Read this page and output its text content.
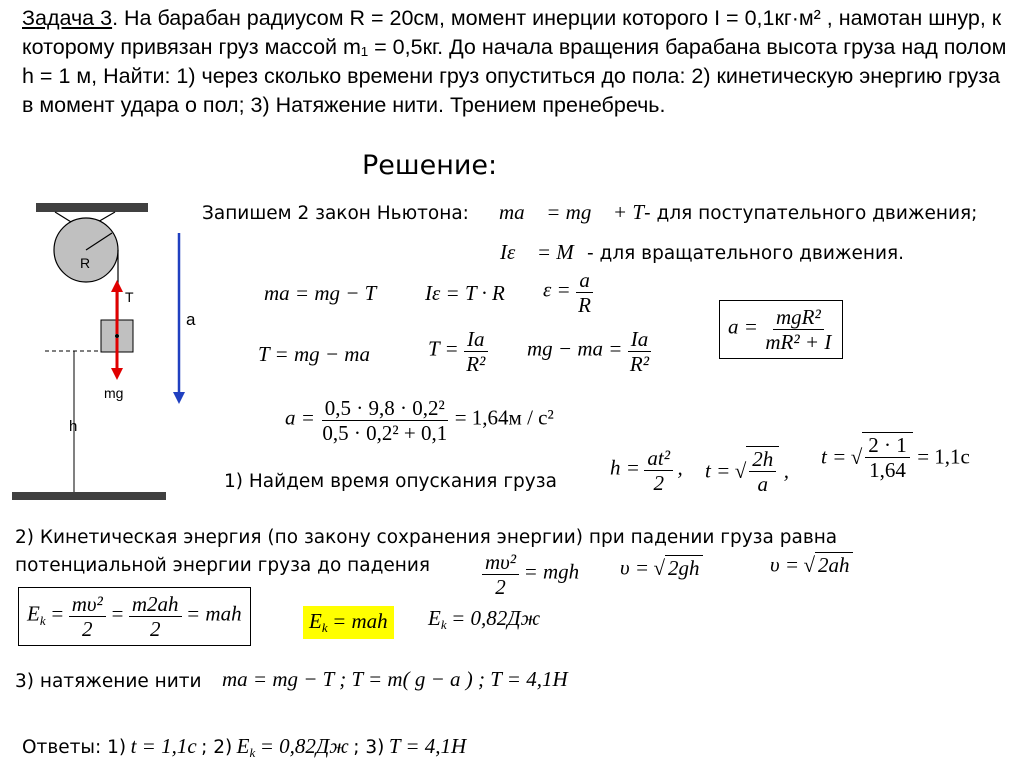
Задача 3. На барабан радиусом R = 20см, момент инерции которого I = 0,1кг·м² , намотан шнур, к которому привязан груз массой m₁ = 0,5кг. До начала вращения барабана высота груза над полом h = 1 м, Найти: 1) через сколько времени груз опуститься до пола: 2) кинетическую энергию груза в момент удара о пол; 3) Натяжение нити. Трением пренебречь.
Решение:
R
T
mg
a
h
Запишем 2 закон Ньютона: ma⃗ = mg⃗ + T⃗
- для поступательного движения;
Iε⃗ = M⃗
- для вращательного движения.
ma = mg − T Iε = T · R $\varepsilon = \frac{a}{R}$
$a = \frac{\text{mgR²}}{\text{mR² + I}}$
T = mg − ma	$T = \frac{Ia}{\text{R²}}$ mg − ma = $\frac{Ia}{\text{R²}}$
$a = \frac{\text{0,5 · 9,8 · 0,2²}}{\text{0,5 · 0,2² + 0,1}} = 1,64м / с^2$
1) Найдем время опускания груза
$h = \frac{\text{at²}}{2}$ , t = √ $\frac{2h}{a}$ ,
t = √ $\frac{2 \cdot 1}{1,64} = 1,1с$
2) Кинетическая энергия (по закону сохранения энергии) при падении груза равна
потенциальной энергии груза до падения $\frac{\text{mυ²}}{2}$ = mgh υ = √ 2gh	υ = √ 2ah
$E_k = \frac{\text{mυ²}}{2} = \frac{m2ah}{2}$ = mah	$E_k$ = mah $E_k = 0,82Дж$
3) натяжение нити ma = mg − T ; T = m( g − a ) ; T = 4,1Н
Ответы: 1) t = 1,1с ; 2) $E_k = 0,82Дж$ ; 3) T = 4,1Н
